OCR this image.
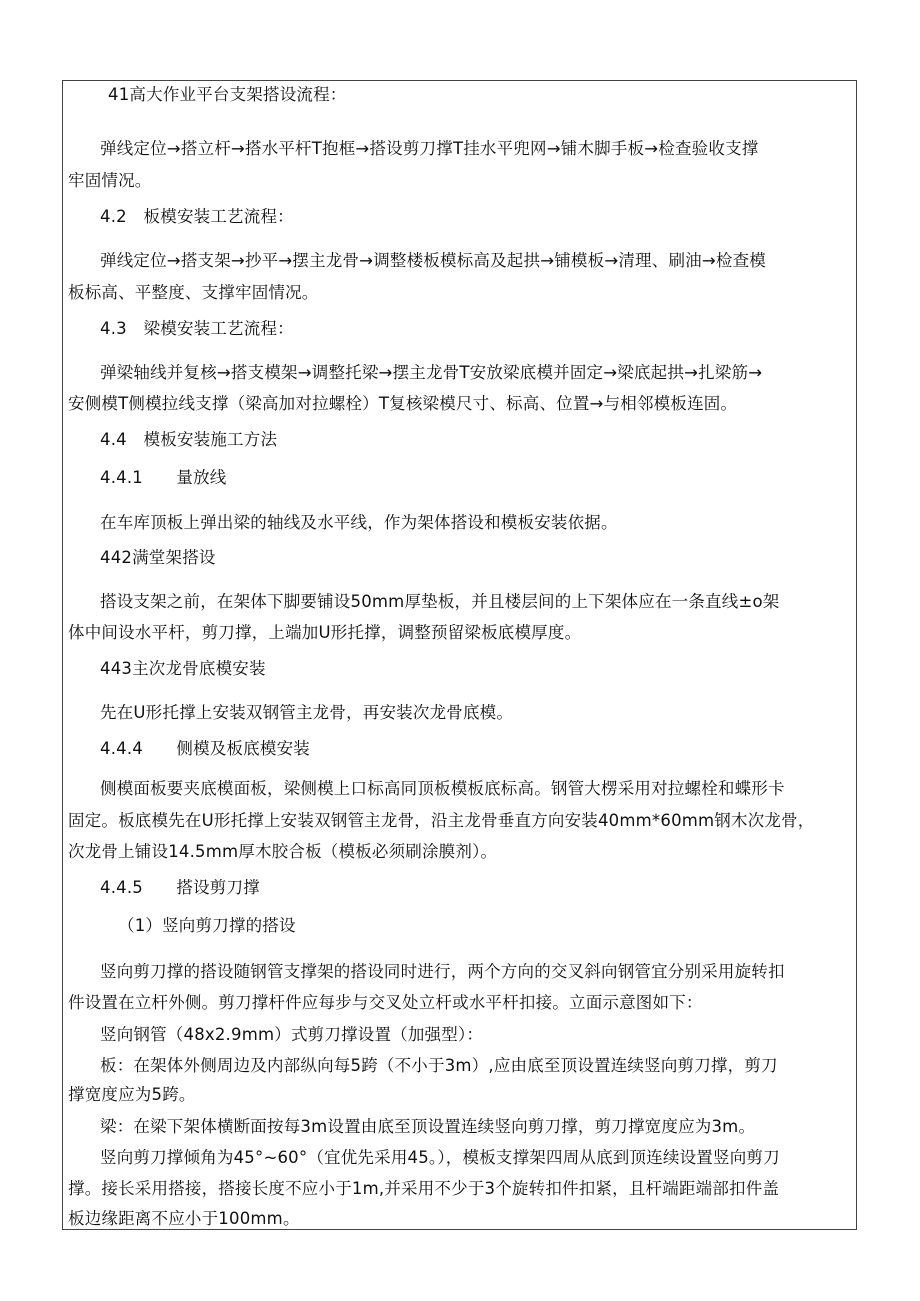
41高大作业平台支架搭设流程：
弹线定位→搭立杆→搭水平杆T抱框→搭设剪刀撑T挂水平兜网→铺木脚手板→检查验收支撑
牢固情况。
4.2　板模安装工艺流程：
弹线定位→搭支架→抄平→摆主龙骨→调整楼板模标高及起拱→铺模板→清理、刷油→检查模
板标高、平整度、支撑牢固情况。
4.3　梁模安装工艺流程：
弹梁轴线并复核→搭支模架→调整托梁→摆主龙骨T安放梁底模并固定→梁底起拱→扎梁筋→
安侧模T侧模拉线支撑（梁高加对拉螺栓）T复核梁模尺寸、标高、位置→与相邻模板连固。
4.4　模板安装施工方法
4.4.1　　量放线
在车库顶板上弹出梁的轴线及水平线，作为架体搭设和模板安装依据。
442满堂架搭设
搭设支架之前，在架体下脚要铺设50mm厚垫板，并且楼层间的上下架体应在一条直线±o架
体中间设水平杆，剪刀撑，上端加U形托撑，调整预留梁板底模厚度。
443主次龙骨底模安装
先在U形托撑上安装双钢管主龙骨，再安装次龙骨底模。
4.4.4　　侧模及板底模安装
侧模面板要夹底模面板，梁侧模上口标高同顶板模板底标高。钢管大楞采用对拉螺栓和蝶形卡
固定。板底模先在U形托撑上安装双钢管主龙骨，沿主龙骨垂直方向安装40mm*60mm钢木次龙骨，
次龙骨上铺设14.5mm厚木胶合板（模板必须刷涂膜剂）。
4.4.5　　搭设剪刀撑
（1）竖向剪刀撑的搭设
竖向剪刀撑的搭设随钢管支撑架的搭设同时进行，两个方向的交叉斜向钢管宜分别采用旋转扣
件设置在立杆外侧。剪刀撑杆件应每步与交叉处立杆或水平杆扣接。立面示意图如下：
竖向钢管（48x2.9mm）式剪刀撑设置（加强型）：
板：在架体外侧周边及内部纵向每5跨（不小于3m）,应由底至顶设置连续竖向剪刀撑，剪刀
撑宽度应为5跨。
梁：在梁下架体横断面按每3m设置由底至顶设置连续竖向剪刀撑，剪刀撑宽度应为3m。
竖向剪刀撑倾角为45°~60°（宜优先采用45。），模板支撑架四周从底到顶连续设置竖向剪刀
撑。接长采用搭接，搭接长度不应小于1m,并采用不少于3个旋转扣件扣紧，且杆端距端部扣件盖
板边缘距离不应小于100mm。
